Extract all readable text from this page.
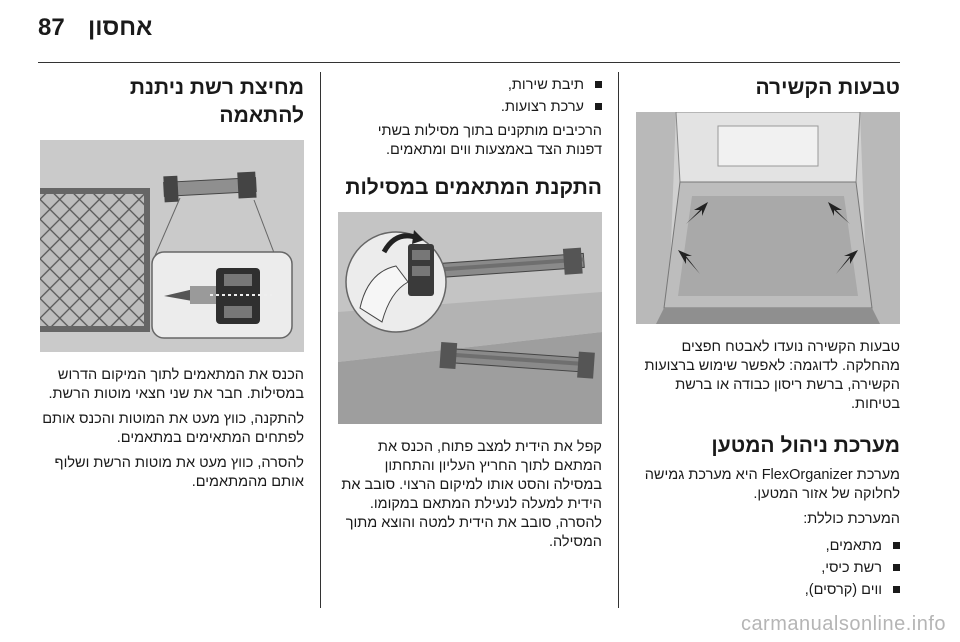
87 אחסון
טבעות הקשירה

טבעות הקשירה נועדו לאבטח חפצים מהחלקה. לדוגמה: לאפשר שימוש ברצועות הקשירה, ברשת ריסון כבודה או ברשת בטיחות.

מערכת ניהול המטען

מערכת FlexOrganizer היא מערכת גמישה לחלוקה של אזור המטען.

המערכת כוללת:

מתאמים,
רשת כיסי,
ווים (קרסים),
תיבת שירות,
ערכת רצועות.

הרכיבים מותקנים בתוך מסילות בשתי דפנות הצד באמצעות ווים ומתאמים.

התקנת המתאמים במסילות

קפל את הידית למצב פתוח, הכנס את המתאם לתוך החריץ העליון והתחתון במסילה והסט אותו למיקום הרצוי. סובב את הידית למעלה לנעילת המתאם במקומו. להסרה, סובב את הידית למטה והוצא מתוך המסילה.

מחיצת רשת ניתנת להתאמה

הכנס את המתאמים לתוך המיקום הדרוש במסילות. חבר את שני חצאי מוטות הרשת.

להתקנה, כווץ מעט את המוטות והכנס אותם לפתחים המתאימים במתאמים.

להסרה, כווץ מעט את מוטות הרשת ושלוף אותם מהמתאמים.

carmanualsonline.info
